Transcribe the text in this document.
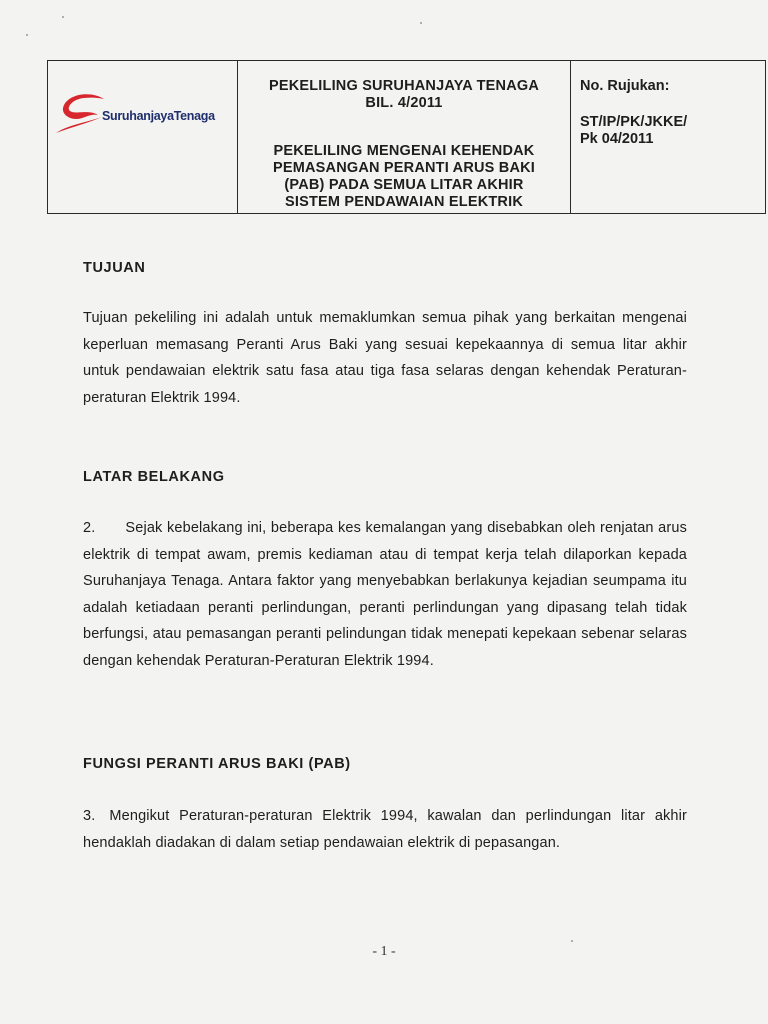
SuruhanjayaTenaga
PEKELILING SURUHANJAYA TENAGA
BIL. 4/2011
PEKELILING MENGENAI KEHENDAK
PEMASANGAN PERANTI ARUS BAKI
(PAB) PADA SEMUA LITAR AKHIR
SISTEM PENDAWAIAN ELEKTRIK
No. Rujukan:
ST/IP/PK/JKKE/
Pk 04/2011
TUJUAN
Tujuan pekeliling ini adalah untuk memaklumkan semua pihak yang berkaitan mengenai keperluan memasang Peranti Arus Baki yang sesuai kepekaannya di semua litar akhir untuk pendawaian elektrik satu fasa atau tiga fasa selaras dengan kehendak Peraturan-peraturan Elektrik 1994.
LATAR BELAKANG
2. Sejak kebelakang ini, beberapa kes kemalangan yang disebabkan oleh renjatan arus elektrik di tempat awam, premis kediaman atau di tempat kerja telah dilaporkan kepada Suruhanjaya Tenaga. Antara faktor yang menyebabkan berlakunya kejadian seumpama itu adalah ketiadaan peranti perlindungan, peranti perlindungan yang dipasang telah tidak berfungsi, atau pemasangan peranti pelindungan tidak menepati kepekaan sebenar selaras dengan kehendak Peraturan-Peraturan Elektrik 1994.
FUNGSI PERANTI ARUS BAKI (PAB)
3. Mengikut Peraturan-peraturan Elektrik 1994, kawalan dan perlindungan litar akhir hendaklah diadakan di dalam setiap pendawaian elektrik di pepasangan.
- 1 -
